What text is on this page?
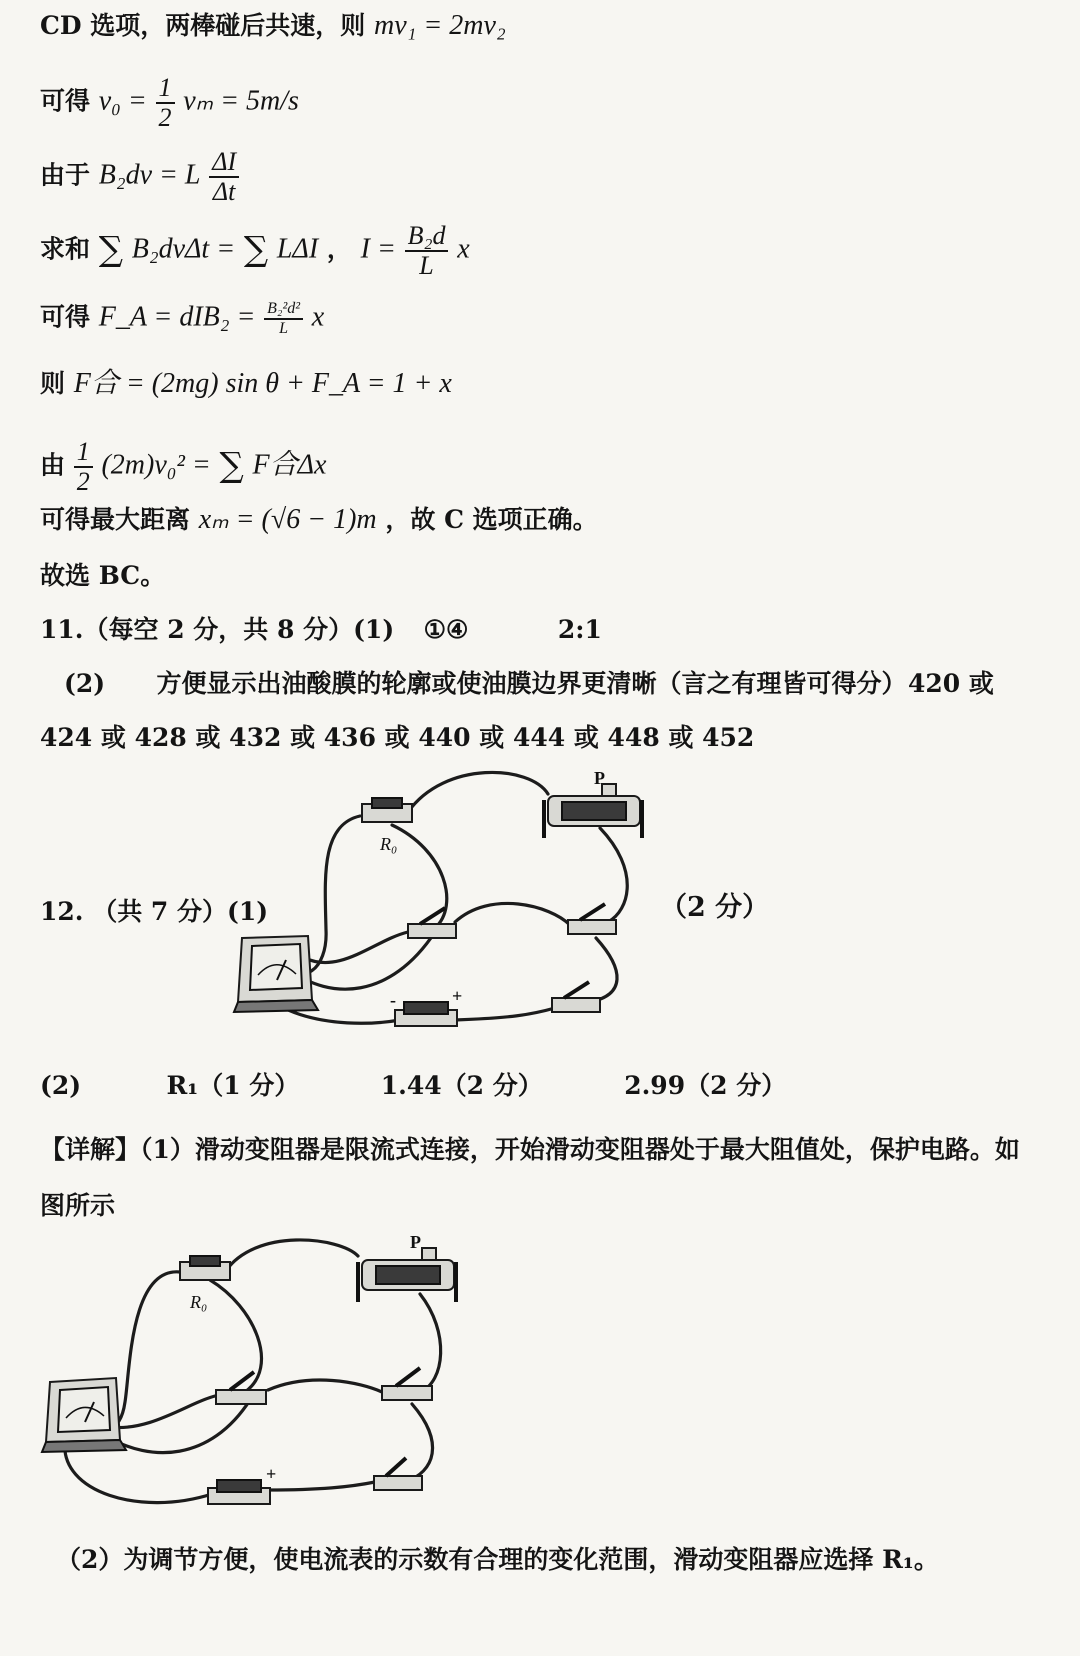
CD 选项，两棒碰后共速，则 mv₁ = 2mv₂
可得 $v_0 = \frac{1}{2}$ vₘ = 5m/s
由于 B₂dv = L $\frac{\Delta I}{\Delta t}$
求和 ∑ B₂dvΔt = ∑ LΔI ， $I = \frac{\text{B₂d}}{L}$ x
可得 F_A = $dIB_2 = \frac{\text{B₂²d²}}{L}$ x
则 F合 = (2mg) sin θ + F_A = 1 + x
由 $\frac{1}{2} (2m)v_0^2$ = ∑ F合Δx
可得最大距离 xₘ = (√6 − 1)m ，故 C 选项正确。
故选 BC。
11.（每空 2 分，共 8 分）(1) ①④	2:1
(2) 方便显示出油酸膜的轮廓或使油膜边界更清晰（言之有理皆可得分） 420 或
424 或 428 或 432 或 436 或 440 或 444 或 448 或 452
12. （共 7 分）(1)	（2 分）
R₀
P
-	+
(2)	R₁（1 分）	1.44（2 分）	2.99（2 分）
【详解】（1）滑动变阻器是限流式连接，开始滑动变阻器处于最大阻值处，保护电路。如
图所示
R₀
P
+
（2）为调节方便，使电流表的示数有合理的变化范围，滑动变阻器应选择 R₁。
